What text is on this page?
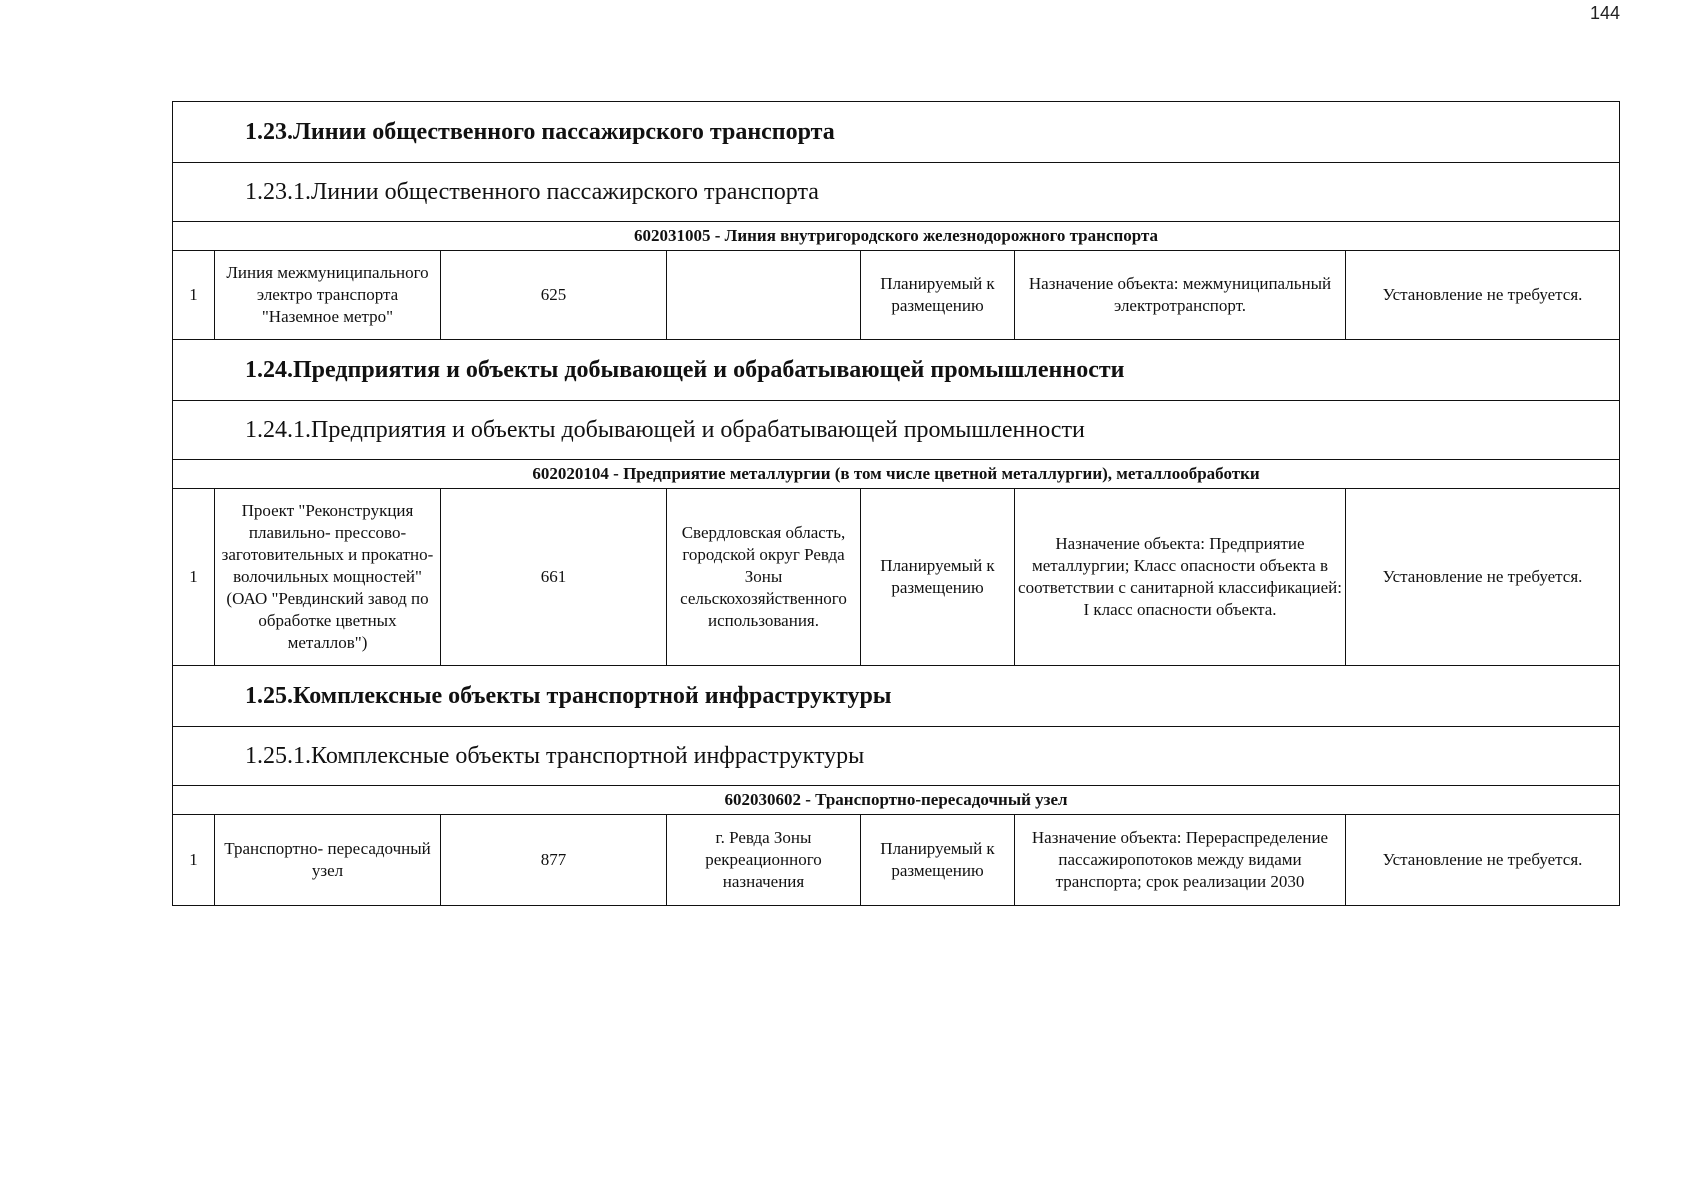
144
1.23.Линии общественного пассажирского транспорта						
1.23.1.Линии общественного пассажирского транспорта						
602031005 - Линия внутригородского железнодорожного транспорта						
1	Линия межмуниципального электро транспорта "Наземное метро"	625		Планируемый к размещению	Назначение объекта: межмуниципальный электротранспорт.	Установление не требуется.
1.24.Предприятия и объекты добывающей и обрабатывающей промышленности						
1.24.1.Предприятия и объекты добывающей и обрабатывающей промышленности						
602020104 - Предприятие металлургии (в том числе цветной металлургии), металлообработки						
1	Проект "Реконструкция плавильно- прессово- заготовительных и прокатно- волочильных мощностей" (ОАО "Ревдинский завод по обработке цветных металлов")	661	Свердловская область, городской округ Ревда Зоны сельскохозяйственного использования.	Планируемый к размещению	Назначение объекта: Предприятие металлургии; Класс опасности объекта в соответствии с санитарной классификацией: I класс опасности объекта.	Установление не требуется.
1.25.Комплексные объекты транспортной инфраструктуры						
1.25.1.Комплексные объекты транспортной инфраструктуры						
602030602 - Транспортно-пересадочный узел						
1	Транспортно- пересадочный узел	877	г. Ревда Зоны рекреационного назначения	Планируемый к размещению	Назначение объекта: Перераспределение пассажиропотоков между видами транспорта; срок реализации 2030	Установление не требуется.
